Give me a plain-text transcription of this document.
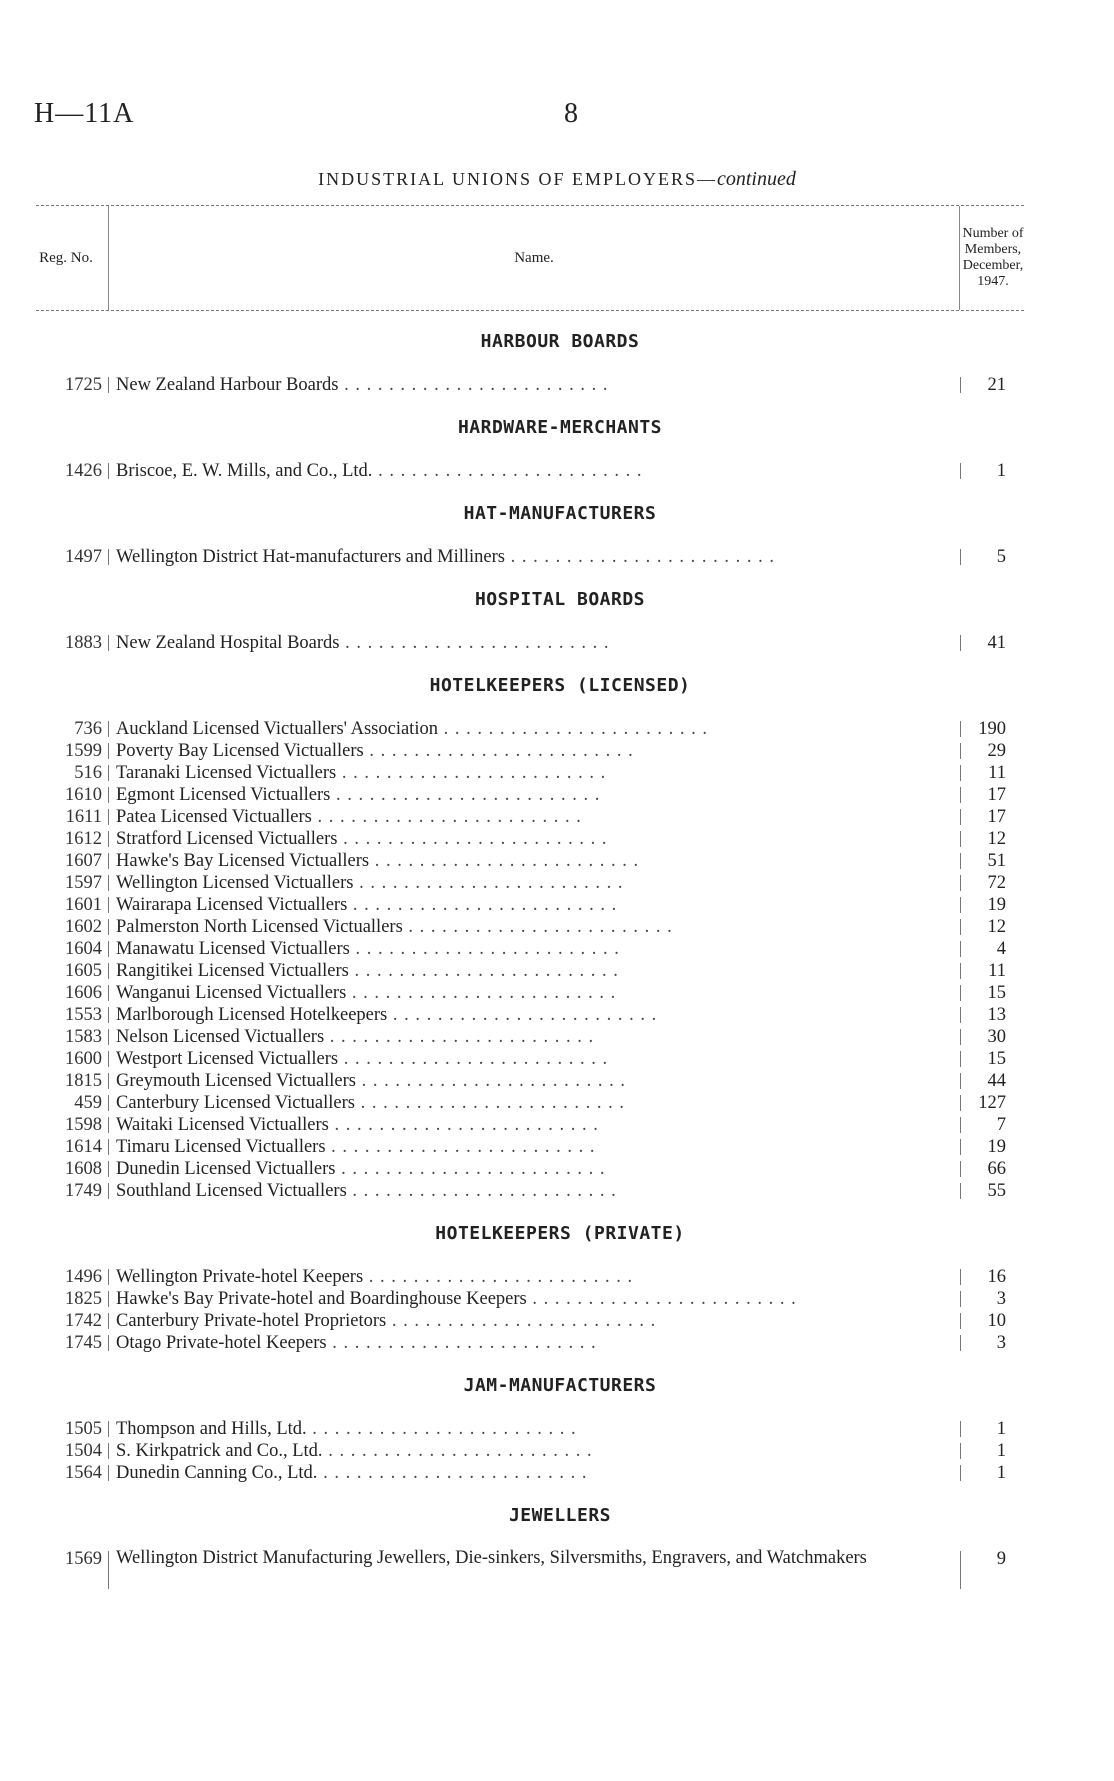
H—11A	8
INDUSTRIAL UNIONS OF EMPLOYERS—continued
Reg. No.	Name.
Number of Members, December, 1947.
HARBOUR BOARDS
1725 New Zealand Harbour Boards . . . . . . . . . . . . . . . . . . . . . . . .	21
HARDWARE-MERCHANTS
1426 Briscoe, E. W. Mills, and Co., Ltd. . . . . . . . . . . . . . . . . . . . . . . . .	1
HAT-MANUFACTURERS
1497 Wellington District Hat-manufacturers and Milliners . . . . . . . . . . . . . . . . . . . . . . . .	5
HOSPITAL BOARDS
1883 New Zealand Hospital Boards . . . . . . . . . . . . . . . . . . . . . . . .	41
HOTELKEEPERS (LICENSED)
736 Auckland Licensed Victuallers' Association . . . . . . . . . . . . . . . . . . . . . . . .	190
1599 Poverty Bay Licensed Victuallers . . . . . . . . . . . . . . . . . . . . . . . .	29
516 Taranaki Licensed Victuallers . . . . . . . . . . . . . . . . . . . . . . . .	11
1610 Egmont Licensed Victuallers . . . . . . . . . . . . . . . . . . . . . . . .	17
1611 Patea Licensed Victuallers . . . . . . . . . . . . . . . . . . . . . . . .	17
1612 Stratford Licensed Victuallers . . . . . . . . . . . . . . . . . . . . . . . .	12
1607 Hawke's Bay Licensed Victuallers . . . . . . . . . . . . . . . . . . . . . . . .	51
1597 Wellington Licensed Victuallers . . . . . . . . . . . . . . . . . . . . . . . .	72
1601 Wairarapa Licensed Victuallers . . . . . . . . . . . . . . . . . . . . . . . .	19
1602 Palmerston North Licensed Victuallers . . . . . . . . . . . . . . . . . . . . . . . .	12
1604 Manawatu Licensed Victuallers . . . . . . . . . . . . . . . . . . . . . . . .	4
1605 Rangitikei Licensed Victuallers . . . . . . . . . . . . . . . . . . . . . . . .	11
1606 Wanganui Licensed Victuallers . . . . . . . . . . . . . . . . . . . . . . . .	15
1553 Marlborough Licensed Hotelkeepers . . . . . . . . . . . . . . . . . . . . . . . .	13
1583 Nelson Licensed Victuallers . . . . . . . . . . . . . . . . . . . . . . . .	30
1600 Westport Licensed Victuallers . . . . . . . . . . . . . . . . . . . . . . . .	15
1815 Greymouth Licensed Victuallers . . . . . . . . . . . . . . . . . . . . . . . .	44
459 Canterbury Licensed Victuallers . . . . . . . . . . . . . . . . . . . . . . . .	127
1598 Waitaki Licensed Victuallers . . . . . . . . . . . . . . . . . . . . . . . .	7
1614 Timaru Licensed Victuallers . . . . . . . . . . . . . . . . . . . . . . . .	19
1608 Dunedin Licensed Victuallers . . . . . . . . . . . . . . . . . . . . . . . .	66
1749 Southland Licensed Victuallers . . . . . . . . . . . . . . . . . . . . . . . .	55
HOTELKEEPERS (PRIVATE)
1496 Wellington Private-hotel Keepers . . . . . . . . . . . . . . . . . . . . . . . .	16
1825 Hawke's Bay Private-hotel and Boardinghouse Keepers . . . . . . . . . . . . . . . . . . . . . . . .	3
1742 Canterbury Private-hotel Proprietors . . . . . . . . . . . . . . . . . . . . . . . .	10
1745 Otago Private-hotel Keepers . . . . . . . . . . . . . . . . . . . . . . . .	3
JAM-MANUFACTURERS
1505 Thompson and Hills, Ltd. . . . . . . . . . . . . . . . . . . . . . . . .	1
1504 S. Kirkpatrick and Co., Ltd. . . . . . . . . . . . . . . . . . . . . . . . .	1
1564 Dunedin Canning Co., Ltd. . . . . . . . . . . . . . . . . . . . . . . . .	1
JEWELLERS
1569 Wellington District Manufacturing Jewellers, Die-sinkers, Silversmiths, Engravers, and Watchmakers	9
